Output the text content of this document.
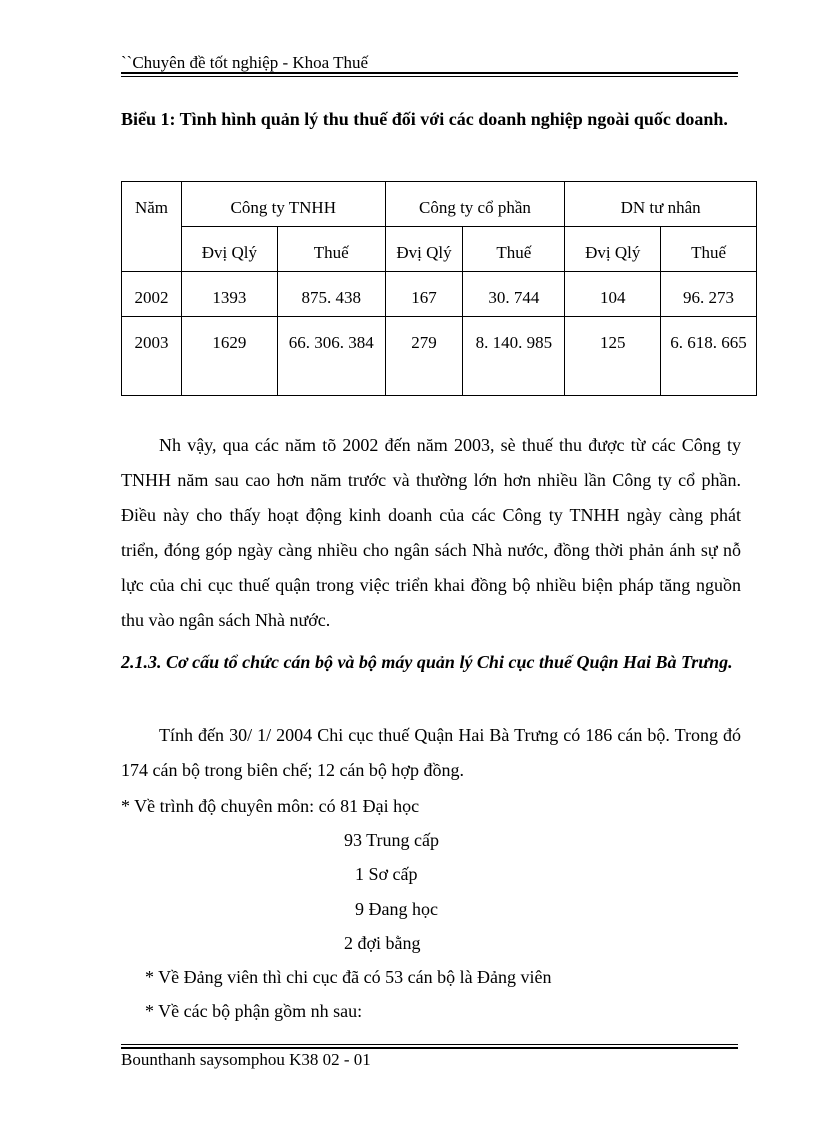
``Chuyên đề tốt nghiệp - Khoa Thuế
Biểu 1: Tình hình quản lý thu thuế đối với các doanh nghiệp ngoài quốc doanh.
Năm	Công ty TNHH		Công ty cổ phần		DN tư nhân	
	Đvị Qlý	Thuế	Đvị Qlý	Thuế	Đvị Qlý	Thuế
2002	1393	875. 438	167	30. 744	104	96. 273
2003	1629	66. 306. 384	279	8. 140. 985	125	6. 618. 665
Nh vậy, qua các năm tõ 2002 đến năm 2003, sè thuế thu được từ các Công ty TNHH năm sau cao hơn năm trước và thường lớn hơn nhiều lần Công ty cổ phần. Điều này cho thấy hoạt động kinh doanh của các Công ty TNHH ngày càng phát triển, đóng góp ngày càng nhiều cho ngân sách Nhà nước, đồng thời phản ánh sự nỗ lực của chi cục thuế quận trong việc triển khai đồng bộ nhiều biện pháp tăng nguồn thu vào ngân sách Nhà nước.
2.1.3. Cơ cấu tổ chức cán bộ và bộ máy quản lý Chi cục thuế Quận Hai Bà Trưng.
Tính đến 30/ 1/ 2004 Chi cục thuế Quận Hai Bà Trưng có 186 cán bộ. Trong đó 174 cán bộ trong biên chế; 12 cán bộ hợp đồng.
* Về trình độ chuyên môn: có 81 Đại học
93 Trung cấp
1 Sơ cấp
9 Đang học
2 đợi bằng
* Về Đảng viên thì chi cục đã có 53 cán bộ là Đảng viên
* Về các bộ phận gồm nh sau:
Bounthanh saysomphou K38 02 - 01
